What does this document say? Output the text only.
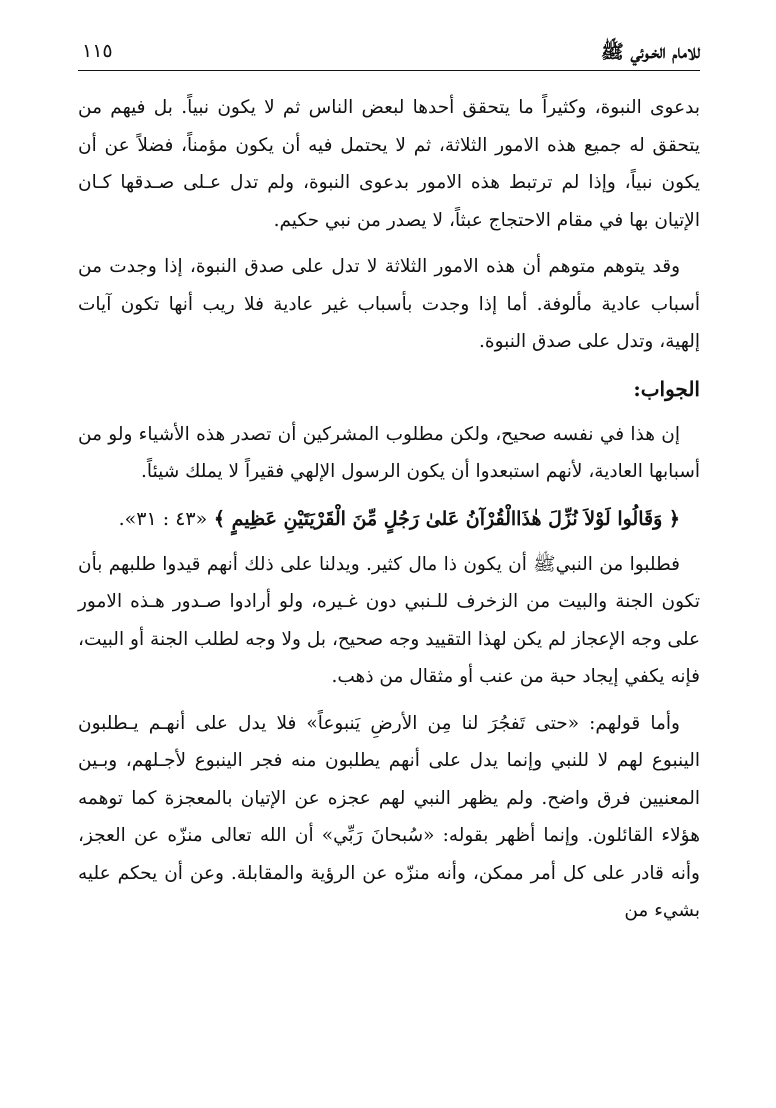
للامام الخـوئي ﷺ
١١٥

بدعوى النبوة، وكثيراً ما يتحقق أحدها لبعض الناس ثم لا يكون نبياً. بل فيهم من يتحقق له جميع هذه الامور الثلاثة، ثم لا يحتمل فيه أن يكون مؤمناً، فضلاً عن أن يكون نبياً، وإذا لم ترتبط هذه الامور بدعوى النبوة، ولم تدل عـلى صـدقها كـان الإتيان بها في مقام الاحتجاج عبثاً، لا يصدر من نبي حكيم.

وقد يتوهم متوهم أن هذه الامور الثلاثة لا تدل على صدق النبوة، إذا وجدت من أسباب عادية مألوفة. أما إذا وجدت بأسباب غير عادية فلا ريب أنها تكون آيات إلهية، وتدل على صدق النبوة.

الجواب:

إن هذا في نفسه صحيح، ولكن مطلوب المشركين أن تصدر هذه الأشياء ولو من أسبابها العادية، لأنهم استبعدوا أن يكون الرسول الإلهي فقيراً لا يملك شيئاً.

﴿ وَقَالُوا لَوْلاَ نُزِّلَ هٰذَاالْقُرْآنُ عَلىٰ رَجُلٍ مِّنَ الْقَرْيَتَيْنِ عَظِيمٍ ﴾ «٤٣ : ٣١».

فطلبوا من النبيﷺ أن يكون ذا مال كثير. ويدلنا على ذلك أنهم قيدوا طلبهم بأن تكون الجنة والبيت من الزخرف للـنبي دون غـيره، ولو أرادوا صـدور هـذه الامور على وجه الإعجاز لم يكن لهذا التقييد وجه صحيح، بل ولا وجه لطلب الجنة أو البيت، فإنه يكفي إيجاد حبة من عنب أو مثقال من ذهب.

وأما قولهم: «حتى تَفجُرَ لنا مِن الأرضِ يَنبوعاً» فلا يدل على أنهـم يـطلبون الينبوع لهم لا للنبي وإنما يدل على أنهم يطلبون منه فجر الينبوع لأجـلهم، وبـين المعنيين فرق واضح. ولم يظهر النبي لهم عجزه عن الإتيان بالمعجزة كما توهمه هؤلاء القائلون. وإنما أظهر بقوله: «سُبحانَ رَبِّي» أن الله تعالى منزّه عن العجز، وأنه قادر على كل أمر ممكن، وأنه منزّه عن الرؤية والمقابلة. وعن أن يحكم عليه بشيء من
